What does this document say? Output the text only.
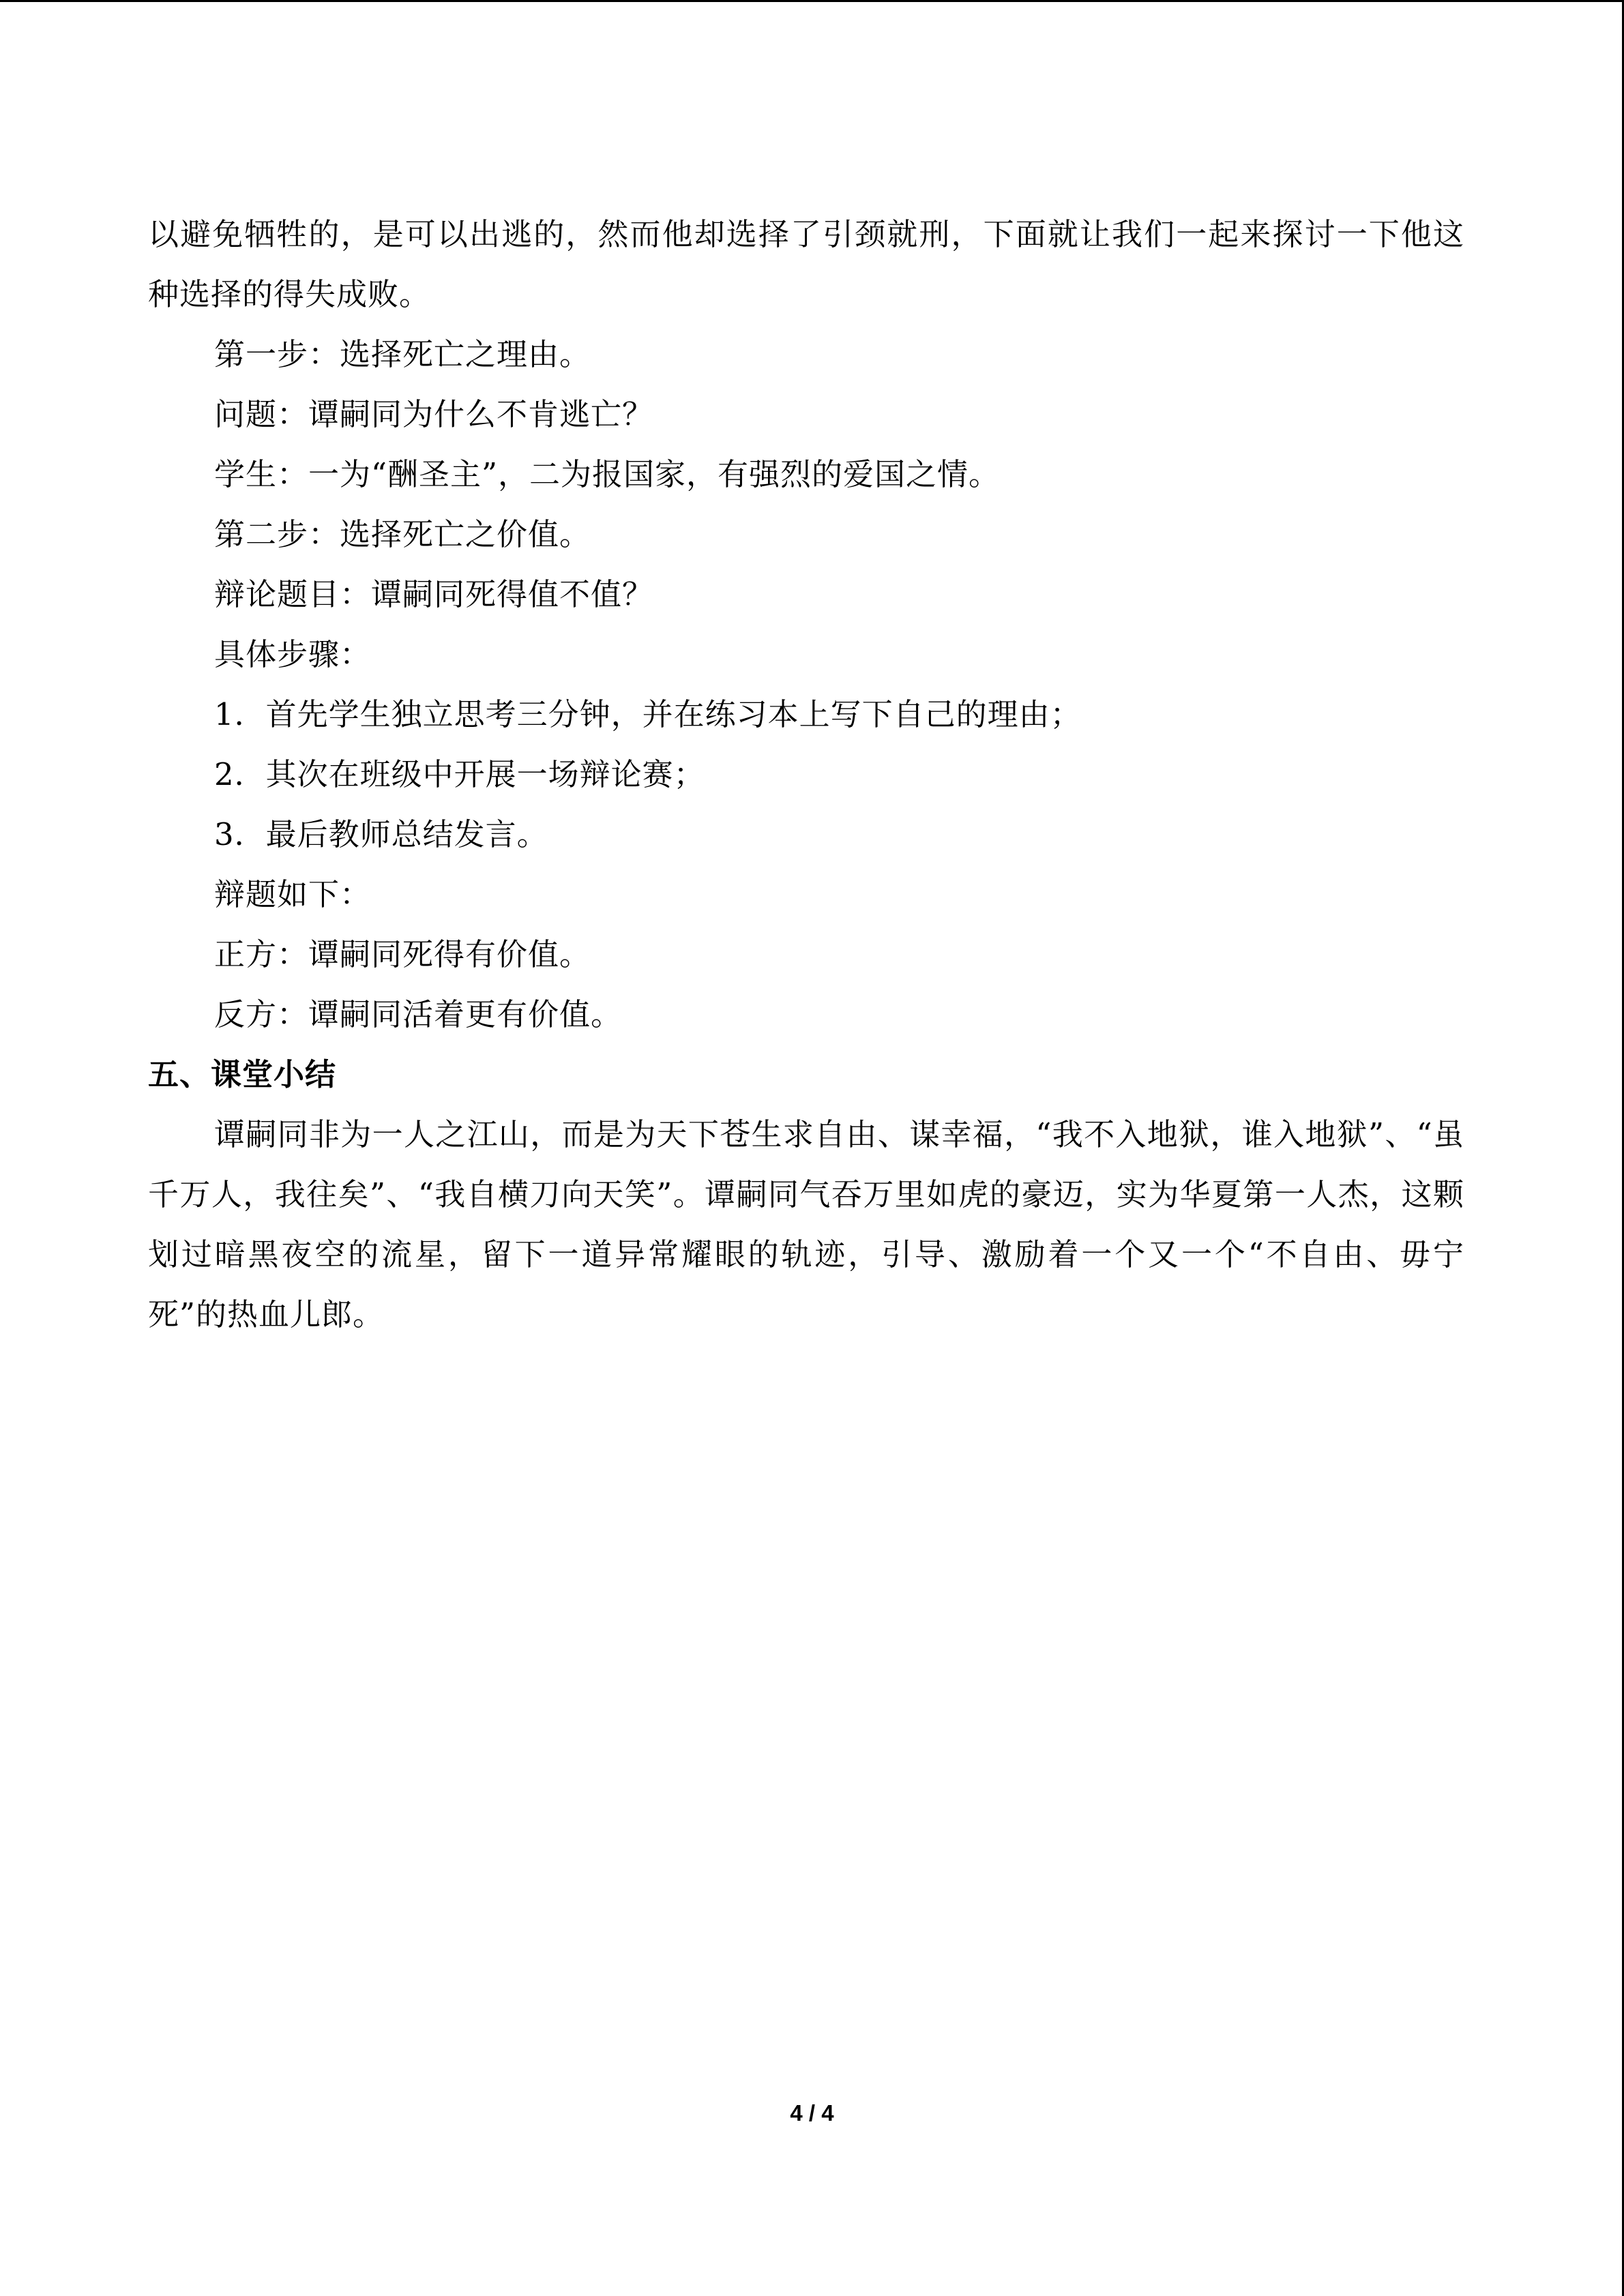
以避免牺牲的，是可以出逃的，然而他却选择了引颈就刑，下面就让我们一起来探讨一下他这种选择的得失成败。

第一步：选择死亡之理由。

问题：谭嗣同为什么不肯逃亡？

学生：一为“酬圣主”，二为报国家，有强烈的爱国之情。

第二步：选择死亡之价值。

辩论题目：谭嗣同死得值不值？

具体步骤：

1．首先学生独立思考三分钟，并在练习本上写下自己的理由；

2．其次在班级中开展一场辩论赛；

3．最后教师总结发言。

辩题如下：

正方：谭嗣同死得有价值。

反方：谭嗣同活着更有价值。

五、课堂小结

谭嗣同非为一人之江山，而是为天下苍生求自由、谋幸福，“我不入地狱，谁入地狱”、“虽千万人，我往矣”、“我自横刀向天笑”。谭嗣同气吞万里如虎的豪迈，实为华夏第一人杰，这颗划过暗黑夜空的流星，留下一道异常耀眼的轨迹，引导、激励着一个又一个“不自由、毋宁死”的热血儿郎。

4 / 4
